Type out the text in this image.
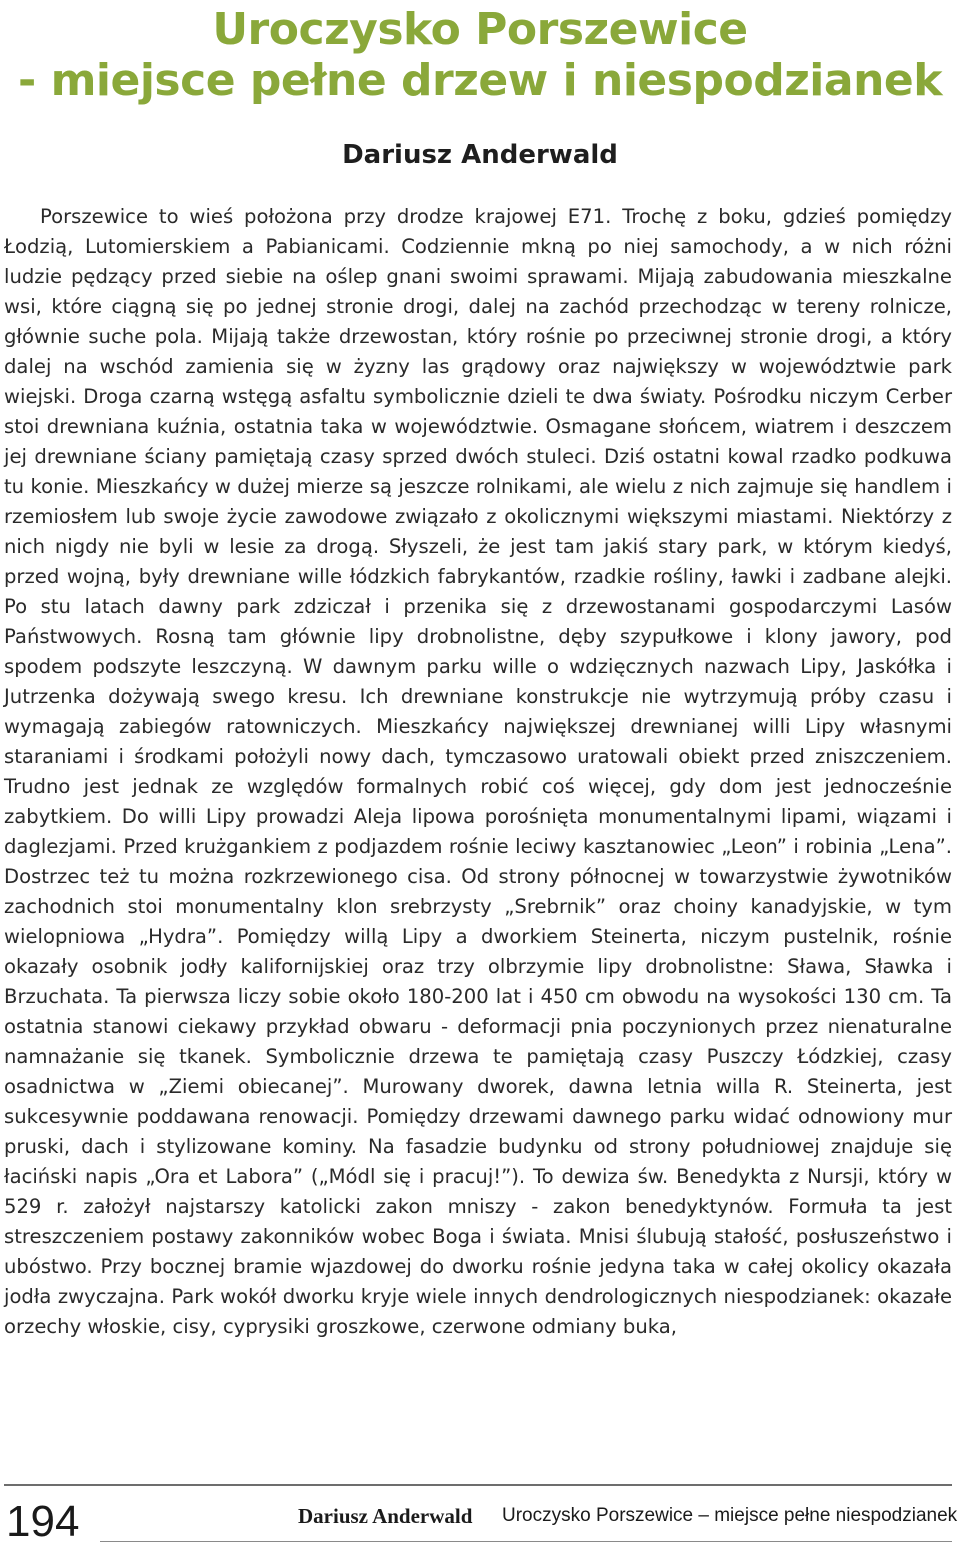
Uroczysko Porszewice
- miejsce pełne drzew i niespodzianek
Dariusz Anderwald

Porszewice to wieś położona przy drodze krajowej E71. Trochę z boku, gdzieś pomiędzy Łodzią, Lutomierskiem a Pabianicami. Codziennie mkną po niej samochody, a w nich różni ludzie pędzący przed siebie na oślep gnani swoimi sprawami. Mijają zabudowania mieszkalne wsi, które ciągną się po jednej stronie drogi, dalej na zachód przechodząc w tereny rolnicze, głównie suche pola. Mijają także drzewostan, który rośnie po przeciwnej stronie drogi, a który dalej na wschód zamienia się w żyzny las grądowy oraz największy w województwie park wiejski. Droga czarną wstęgą asfaltu symbolicznie dzieli te dwa światy. Pośrodku niczym Cerber stoi drewniana kuźnia, ostatnia taka w województwie. Osmagane słońcem, wiatrem i deszczem jej drewniane ściany pamiętają czasy sprzed dwóch stuleci. Dziś ostatni kowal rzadko podkuwa tu konie. Mieszkańcy w dużej mierze są jeszcze rolnikami, ale wielu z nich zajmuje się handlem i rzemiosłem lub swoje życie zawodowe związało z okolicznymi większymi miastami. Niektórzy z nich nigdy nie byli w lesie za drogą. Słyszeli, że jest tam jakiś stary park, w którym kiedyś, przed wojną, były drewniane wille łódzkich fabrykantów, rzadkie rośliny, ławki i zadbane alejki. Po stu latach dawny park zdziczał i przenika się z drzewostanami gospodarczymi Lasów Państwowych. Rosną tam głównie lipy drobnolistne, dęby szypułkowe i klony jawory, pod spodem podszyte leszczyną. W dawnym parku wille o wdzięcznych nazwach Lipy, Jaskółka i Jutrzenka dożywają swego kresu. Ich drewniane konstrukcje nie wytrzymują próby czasu i wymagają zabiegów ratowniczych. Mieszkańcy największej drewnianej willi Lipy własnymi staraniami i środkami położyli nowy dach, tymczasowo uratowali obiekt przed zniszczeniem. Trudno jest jednak ze względów formalnych robić coś więcej, gdy dom jest jednocześnie zabytkiem. Do willi Lipy prowadzi Aleja lipowa porośnięta monumentalnymi lipami, wiązami i daglezjami. Przed krużgankiem z podjazdem rośnie leciwy kasztanowiec „Leon” i robinia „Lena”. Dostrzec też tu można rozkrzewionego cisa. Od strony północnej w towarzystwie żywotników zachodnich stoi monumentalny klon srebrzysty „Srebrnik” oraz choiny kanadyjskie, w tym wielopniowa „Hydra”. Pomiędzy willą Lipy a dworkiem Steinerta, niczym pustelnik, rośnie okazały osobnik jodły kalifornijskiej oraz trzy olbrzymie lipy drobnolistne: Sława, Sławka i Brzuchata. Ta pierwsza liczy sobie około 180-200 lat i 450 cm obwodu na wysokości 130 cm. Ta ostatnia stanowi ciekawy przykład obwaru - deformacji pnia poczynionych przez nienaturalne namnażanie się tkanek. Symbolicznie drzewa te pamiętają czasy Puszczy Łódzkiej, czasy osadnictwa w „Ziemi obiecanej”. Murowany dworek, dawna letnia willa R. Steinerta, jest sukcesywnie poddawana renowacji. Pomiędzy drzewami dawnego parku widać odnowiony mur pruski, dach i stylizowane kominy. Na fasadzie budynku od strony południowej znajduje się łaciński napis „Ora et Labora” („Módl się i pracuj!”). To dewiza św. Benedykta z Nursji, który w 529 r. założył najstarszy katolicki zakon mniszy - zakon benedyktynów. Formuła ta jest streszczeniem postawy zakonników wobec Boga i świata. Mnisi ślubują stałość, posłuszeństwo i ubóstwo. Przy bocznej bramie wjazdowej do dworku rośnie jedyna taka w całej okolicy okazała jodła zwyczajna. Park wokół dworku kryje wiele innych dendrologicznych niespodzianek: okazałe orzechy włoskie, cisy, cyprysiki groszkowe, czerwone odmiany buka,

194	Dariusz Anderwald Uroczysko Porszewice – miejsce pełne niespodzianek
